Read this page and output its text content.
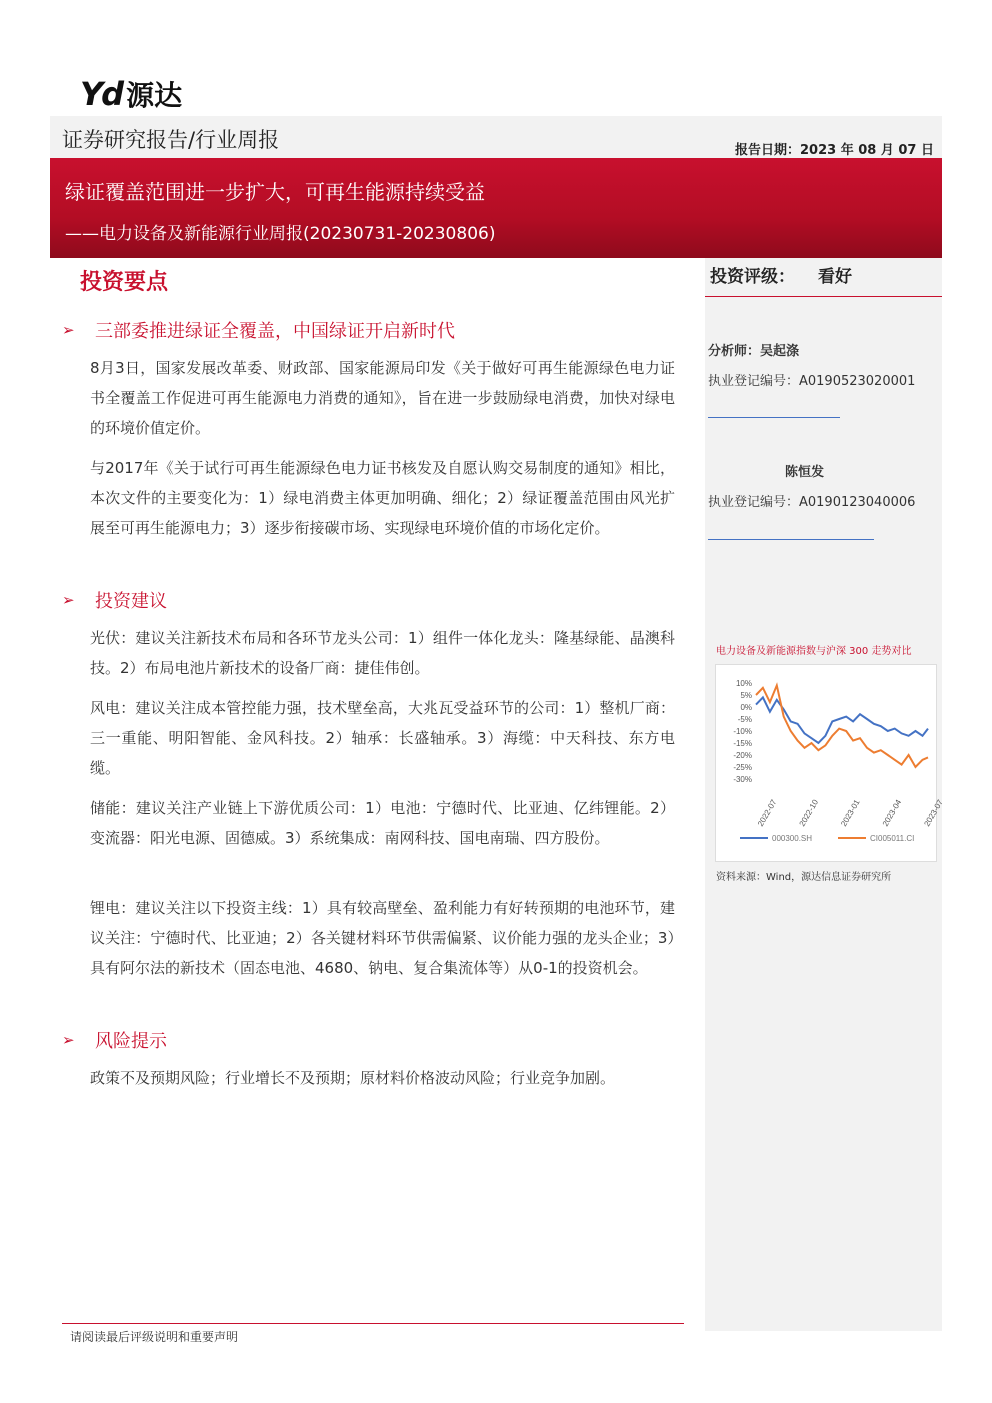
Yd 源达
证券研究报告/行业周报	报告日期：2023 年 08 月 07 日
绿证覆盖范围进一步扩大，可再生能源持续受益
——电力设备及新能源行业周报(20230731-20230806)
投资评级： 看好
分析师：吴起涤
执业登记编号：A0190523020001
陈恒发
执业登记编号：A0190123040006
电力设备及新能源指数与沪深 300 走势对比
10%
5%
0%
-5%
-10%
-15%
-20%
-25%
-30%
2022-07 2022-10 2023-01 2023-04 2023-07
000300.SH	CI005011.CI
资料来源：Wind，源达信息证券研究所
投资要点
➢ 三部委推进绿证全覆盖，中国绿证开启新时代
8月3日，国家发展改革委、财政部、国家能源局印发《关于做好可再生能源绿色电力证书全覆盖工作促进可再生能源电力消费的通知》，旨在进一步鼓励绿电消费，加快对绿电的环境价值定价。
与2017年《关于试行可再生能源绿色电力证书核发及自愿认购交易制度的通知》相比，本次文件的主要变化为：1）绿电消费主体更加明确、细化；2）绿证覆盖范围由风光扩展至可再生能源电力；3）逐步衔接碳市场、实现绿电环境价值的市场化定价。
➢ 投资建议
光伏：建议关注新技术布局和各环节龙头公司：1）组件一体化龙头：隆基绿能、晶澳科技。2）布局电池片新技术的设备厂商：捷佳伟创。
风电：建议关注成本管控能力强，技术壁垒高，大兆瓦受益环节的公司：1）整机厂商：三一重能、明阳智能、金风科技。2）轴承：长盛轴承。3）海缆：中天科技、东方电缆。
储能：建议关注产业链上下游优质公司：1）电池：宁德时代、比亚迪、亿纬锂能。2）变流器：阳光电源、固德威。3）系统集成：南网科技、国电南瑞、四方股份。
锂电：建议关注以下投资主线：1）具有较高壁垒、盈利能力有好转预期的电池环节，建议关注：宁德时代、比亚迪；2）各关键材料环节供需偏紧、议价能力强的龙头企业；3）具有阿尔法的新技术（固态电池、4680、钠电、复合集流体等）从0-1的投资机会。
➢ 风险提示
政策不及预期风险；行业增长不及预期；原材料价格波动风险；行业竞争加剧。
请阅读最后评级说明和重要声明
